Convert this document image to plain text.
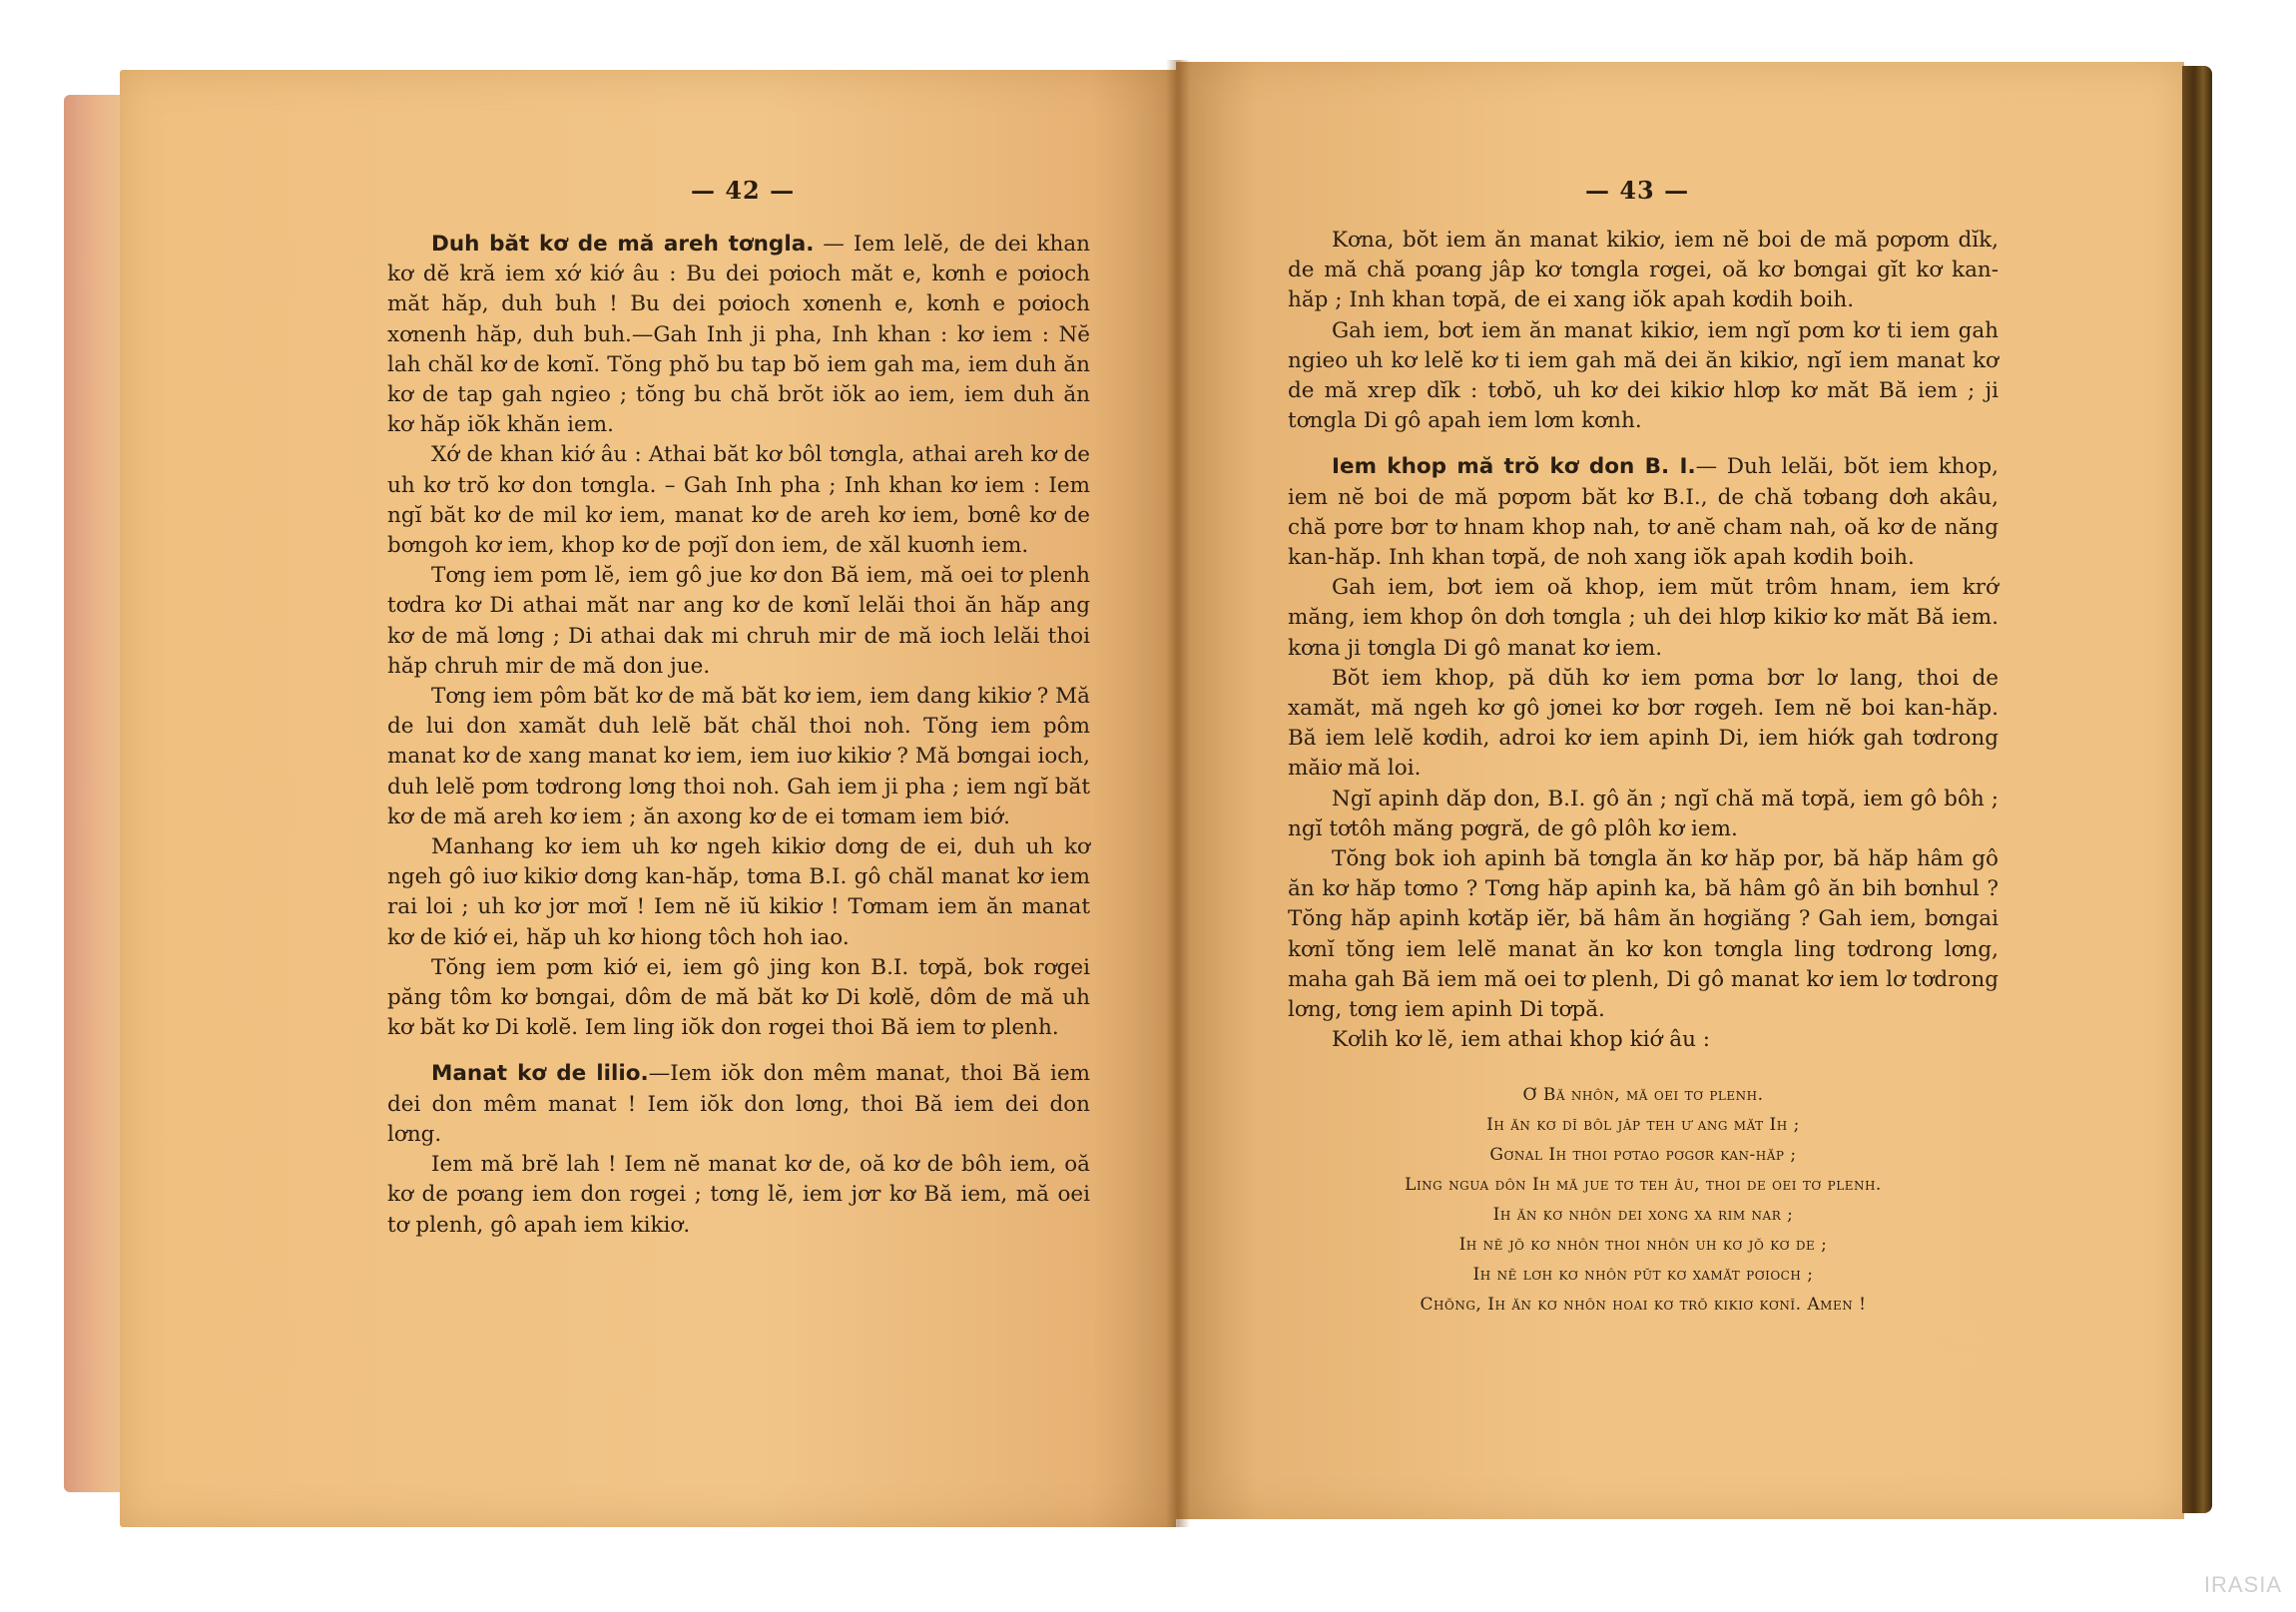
— 42 —	— 43 —

Duh băt kơ de mă areh tơngla. — Iem lelĕ, de dei khan kơ dĕ kră iem xớ kiớ âu : Bu dei pơioch măt e, kơnh e pơioch măt hăp, duh buh ! Bu dei pơioch xơnenh e, kơnh e pơioch xơnenh hăp, duh buh.—Gah Inh ji pha, Inh khan : kơ iem : Nĕ lah chăl kơ de kơnĭ. Tŏng phŏ bu tap bŏ iem gah ma, iem duh ăn kơ de tap gah ngieo ; tŏng bu chă brŏt iŏk ao iem, iem duh ăn kơ hăp iŏk khăn iem.

Xớ de khan kiớ âu : Athai băt kơ bôl tơngla, athai areh kơ de uh kơ trŏ kơ don tơngla. – Gah Inh pha ; Inh khan kơ iem : Iem ngĭ băt kơ de mil kơ iem, manat kơ de areh kơ iem, bơnê kơ de bơngoh kơ iem, khop kơ de pơjĭ don iem, de xăl kuơnh iem.

Tơng iem pơm lĕ, iem gô jue kơ don Bă iem, mă oei tơ plenh tơdra kơ Di athai măt nar ang kơ de kơnĭ lelăi thoi ăn hăp ang kơ de mă lơng ; Di athai dak mi chruh mir de mă ioch lelăi thoi hăp chruh mir de mă don jue.

Tơng iem pôm băt kơ de mă băt kơ iem, iem dang kikiơ ? Mă de lui don xamăt duh lelĕ băt chăl thoi noh. Tŏng iem pôm manat kơ de xang manat kơ iem, iem iuơ kikiơ ? Mă bơngai ioch, duh lelĕ pơm tơdrong lơng thoi noh. Gah iem ji pha ; iem ngĭ băt kơ de mă areh kơ iem ; ăn axong kơ de ei tơmam iem biớ.

Manhang kơ iem uh kơ ngeh kikiơ dơng de ei, duh uh kơ ngeh gô iuơ kikiơ dơng kan-hăp, tơma B.I. gô chăl manat kơ iem rai loi ; uh kơ jơr mơĭ ! Iem nĕ iŭ kikiơ ! Tơmam iem ăn manat kơ de kiớ ei, hăp uh kơ hiong tôch hoh iao.

Tŏng iem pơm kiớ ei, iem gô jing kon B.I. tơpă, bok rơgei păng tôm kơ bơngai, dôm de mă băt kơ Di kơlĕ, dôm de mă uh kơ băt kơ Di kơlĕ. Iem ling iŏk don rơgei thoi Bă iem tơ plenh.

Manat kơ de lilio.—Iem iŏk don mêm manat, thoi Bă iem dei don mêm manat ! Iem iŏk don lơng, thoi Bă iem dei don lơng.

Iem mă brĕ lah ! Iem nĕ manat kơ de, oă kơ de bôh iem, oă kơ de pơang iem don rơgei ; tơng lĕ, iem jơr kơ Bă iem, mă oei tơ plenh, gô apah iem kikiơ.

Kơna, bŏt iem ăn manat kikiơ, iem nĕ boi de mă pơpơm dĭk, de mă chă pơang jâp kơ tơngla rơgei, oă kơ bơngai gĭt kơ kan-hăp ; Inh khan tơpă, de ei xang iŏk apah kơdih boih.

Gah iem, bơt iem ăn manat kikiơ, iem ngĭ pơm kơ ti iem gah ngieo uh kơ lelĕ kơ ti iem gah mă dei ăn kikiơ, ngĭ iem manat kơ de mă xrep dĭk : tơbŏ, uh kơ dei kikiơ hlơp kơ măt Bă iem ; ji tơngla Di gô apah iem lơm kơnh.

Iem khop mă trŏ kơ don B. I.— Duh lelăi, bŏt iem khop, iem nĕ boi de mă pơpơm băt kơ B.I., de chă tơbang dơh akâu, chă pơre bơr tơ hnam khop nah, tơ anĕ cham nah, oă kơ de năng kan-hăp. Inh khan tơpă, de noh xang iŏk apah kơdih boih.

Gah iem, bơt iem oă khop, iem mŭt trôm hnam, iem krớ măng, iem khop ôn dơh tơngla ; uh dei hlơp kikiơ kơ măt Bă iem. kơna ji tơngla Di gô manat kơ iem.

Bŏt iem khop, pă dŭh kơ iem pơma bơr lơ lang, thoi de xamăt, mă ngeh kơ gô jơnei kơ bơr rơgeh. Iem nĕ boi kan-hăp. Bă iem lelĕ kơdih, adroi kơ iem apinh Di, iem hiớk gah tơdrong măiơ mă loi.

Ngĭ apinh dăp don, B.I. gô ăn ; ngĭ chă mă tơpă, iem gô bôh ; ngĭ tơtôh măng pơgră, de gô plôh kơ iem.

Tŏng bok ioh apinh bă tơngla ăn kơ hăp por, bă hăp hâm gô ăn kơ hăp tơmo ? Tơng hăp apinh ka, bă hâm gô ăn bih bơnhul ? Tŏng hăp apinh kơtăp iĕr, bă hâm ăn hơgiăng ? Gah iem, bơngai kơnĭ tŏng iem lelĕ manat ăn kơ kon tơngla ling tơdrong lơng, maha gah Bă iem mă oei tơ plenh, Di gô manat kơ iem lơ tơdrong lơng, tơng iem apinh Di tơpă.

Kơlih kơ lĕ, iem athai khop kiớ âu :

Ơ Bă nhôn, mă oei tơ plenh.
Ih ăn kơ dĭ bôl jâp teh ư ang măt Ih ;
Gơnal Ih thoi pơtao pơgơr kan-hăp ;
Ling ngua dôn Ih mă jue tơ teh âu, thoi de oei tơ plenh.
Ih ăn kơ nhôn dei xong xa rim nar ;
Ih nĕ jŏ kơ nhôn thoi nhôn uh kơ jŏ kơ de ;
Ih nĕ lơh kơ nhôn pŭt kơ xamăt pơioch ;
Chŏng, Ih ăn kơ nhôn hoai kơ trŏ kikiơ kơnĭ. Amen !
IRASIA
